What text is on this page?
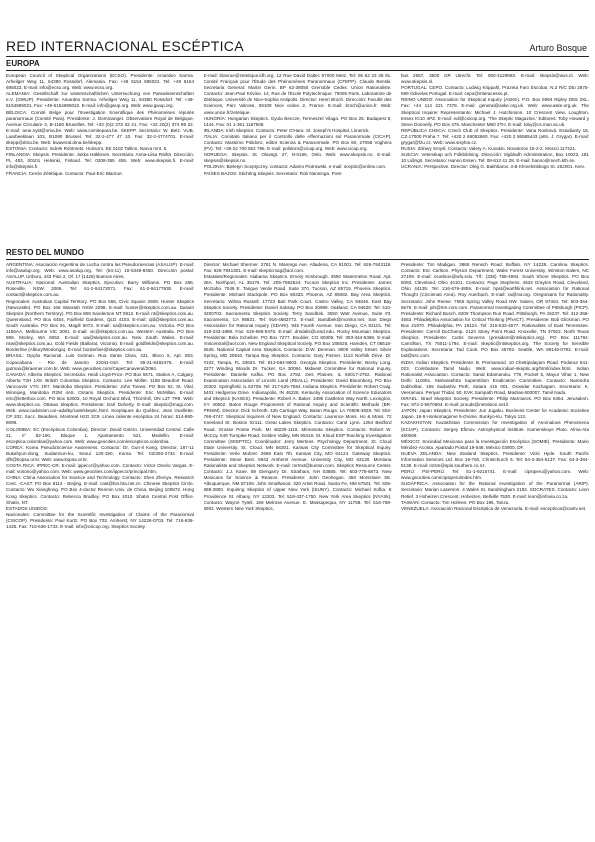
RED INTERNACIONAL ESCÉPTICA	Arturo Bosque
EUROPA

European Council of Skeptical Organizations (ECSO). Presidente: Amardeo Sarma. Arheilger Weg 11, 64380 Rossdorf, Alemania. Fax: +49 6154 695022. Tel: +49 6154 695023. E-mail: info@ecso.org. Web: www.ecso.org.

ALEMANIA: Gesellschaft zur wissenschaftlichen Untersuchung von Parawissenschaften e.V. (GWUP). Presidente: Amardeo Sarma. Arheilger Weg 11, 64380 Rossdorf. Tel: +49-6154695021. Fax: +49-6154695022. E-mail: info@gwup.org. Web: www.gwup.org.

BÉLGICA: Comité Belge pour l'Investigation Scientifique des Phénomènes réputés paranormaux (Comité Para). Presidente: J. Dommanget. Observatoire Royal de Belgique, Avenue Circulaire 3, B-1180 Bruxelles. Tel: +32 (0)2 373 02 41. Fax: +32 20(2) 374 98 22. E-mail: ame.nyst@oma.be. Web: www.comitepara.be. SKEPP. Secretario: W. Betz. VUB, Laarbeeklaan 103, B1090 Brussel. Tel: 32-2-477 47 10. Fax: 32-2-4774701. E-mail: skepp@dma.be. Web: bwaveral.dma.be/skepp.

ESTONIA: Contacto: Indrek Rohtmets. Horisont, EE 0102 Tallinn, Narva mnt. 5.

FINLANDIA: Skepsis. Presidente: Jukka Häkkinen. Secretaria: Anna-Liisa Räihä. Dirección: PL 483, 00101 Helsinki, Finland. Tel: 0208-355 455. Web: www.skepsis.fi. E-mail: info@skepsis.fi.

FRANCIA: Cercle Zététique. Contacto: Paul-Eric Blanrue.

E-mail: blanrue@zetetique.ldh.org. 12 Rue David Daltec 57000 Metz. Tel: 06 62 23 38 91. Comité Français pour l'Étude des Phénomènes Paranormaux (CFEPP). Claude Benski. Secretaria General: Martin Gerin. BP 62-38050 Grenoble Cedex. Union Rationaliste. Contacto: Jean-Paul Krivine. 14, Rue de l'Ecole Polytechnique. 75005 Paris. Laboratoire de Zététique. Université de Nice-Sophia Antipolis. Director: Henri Broch. Dirección: Faculté des Sciences, Parc Valrose, 06108 Nice cedex 2, France. E-mail: broch@unice.fr. Web: www.unice.fr/zetetique.

HUNGRÍA: Hungarian Skeptics. Gyula Bencze, Termeszet Vilaga. PO Box 25. Budapest 8, 1444. Fax: 01 1-361 1187506.

IRLANDA: Irish Skeptics. Contacto: Peter O'Hara. St. Joseph's Hospital, Limerick.

ITALIA: Comitato Italiano per il Controllo delle Affermazioni sul Paranormale (CICAP). Contacto: Massimo Polidoro, editor Scienza & Paranormale. PO Box 60, 27058 Voghera (PV). Tel: +39 02 700 552 795. E-mail: polidoro@cicap.org. Web: www.cicap.org.

NORUEGA: Skepsis. St. Olavsgt. 27, N-0166, Oslo. Web: www.skepsis.no. E-mail: skepsis@skepsis.no.

POLONIA: Bieletyn Sceptyczny. contacto: Adamo Piotrowski. e-mail: sceptic@online.com.

PAÍSES BAJOS: Stichting Skepsis. Secretario: Rob Nanninga. Post-

bus 2657, 3500 GR Utrecht. Tel: 050-3129893. E-mail: skepsis@wxs.nl. Web: www.skepsis.nl.

PORTUGAL: CEPO. Contacto: Ludwig Krippahl, Prazeta Faro Escobar, N.2 R/C Dto 2675-599 Odivelas Portugal. E-mail: cepo@interacesso.pt.

REINO UNIDO: Association for Skeptical Inquiry (ASKE). P.O. Box 5994 Ripley DE5 3XL. Fax: +44 114 221 7378. E-mail: general@aske.org.uk. Web: www.aske.org.uk. The Skeptical Inquirer Representante: Michael J. Hutchinson. 10 Crescent View, Loughton, Essex IG10 4PZ. E-mail: edi@csicop.org. 'The Skeptic Magazine.' Editores: Toby Howard y Steve Donnelly. PO Box 475. Manchester M60 2TH. E-mail: toby@cs.man.ac.uk.

REPÚBLICA CHECA: Czech Club of Skeptics. Presidente: Vana Nosková. Estudianty 18, CZ-17000 Praha 7. Tel: +420 2 66052660. Fax: +420 2 86585443 (attn. J. Grygar). E-mail: grygar@fzu.cz. Web: www.sisyfos.cz.

RUSIA: Zdravy Smysl. Contacto: Valery A. Kuvakin. Novatorov 18-2-2. Moscú 117421.

SUECIA: Vetenskap och Folkbildning. Dirección: Sigbladh Administration, Box 10022, 181 10 Lidingö. Secretario: Hanno Essen. Tel: 08-612 41 28. E-mail: hanno@mech.kth.se.

UCRANIA: Perspective. Director: Oleg G. Bakhtiarov. 3-B Khmelnitskogo St. 252001. Kiev.

RESTO DEL MUNDO

ARGENTINA: Asociación Argentina de Lucha contra las Pseudociencias (ASALUP). E-mail: info@asalup.org. Web: www.asalup.org. Tel: (54-11) 15-5349-8450. Dirección postal: ASALUP, Uriburu, 443 Piso 2, Of. 17 (1428) Buenos Aires.

AUSTRALIA: Nacional: Australian Skeptics. Ejecutivo: Barry Williams. PO Box 268, Roseville, NSW 2069. Tel: 61-2-94172071. Fax: 61-2-94177930. E-mail: contact@skeptics.com.au.

Regionales: Australian Capital Territory. PO Box 555, Civic Square 2608. Hunter Skeptics (Newcastle). PO Box 166 Waratah NSW 2298. E-mail: hunter@skeptics.com.au. Darwin Skeptics (Northern Territory). PO Box 809 Sanderson NT 0812. E-mail: nt@skeptics.com.au. Queensland. PO Box 6454, Fairfield Gardens, QLD 4103. E-mail: qld@skeptics.com.au. South Australia. PO Box 91, Magill 5072. E-mail: sa@skeptics.com.au. Victoria. PO Box 1166AA, Melbourne VIC 3001. E-mail: vic@skeptics.com.au. Western Australia. PO Box 899, Morley, WA 6062. E-mail: wa@skeptics.com.au. New South Wales. E-mail: nsw@skeptics.com.au. Gold Fields (Ballarat, Victoria). E-mail: goldfields@skeptics.com.au. Borderline (Albury/Wodonga). E-mail: borderline@skeptics.com.au.

BRASIL: Opção Racional. Luis Gutman. Rua Santa Clara, 431. Bloco 5, Apt. 803. Copacabana - Rio de Janeiro 22041-010. Tel: 55-21-5482476. E-mail: gutman@kraemer.com.br. Web: www.geocities.com/CapeCanaveral/2064.

CANADÁ: Alberta Skeptics. Secretaria: Heidi Lloyd-Price. PO Box 5571, Station A, Calgary, Alberta T2H 1X9. British Columbia Skeptics. Contacto: Lee Moller. 1188 Beaufort Road. Vancouver V7G 1R7. Manitoba Skeptics. Presidente: John Toews. PO Box 92, St. Vital, Winnipeg, Manitoba R2M 4A5. Ontario Skeptics. Presidente: Eric McMillan. E-mail: eric@letterbox.com. PO Box 53003, 10 Royal Orchard Blvd, Thornhill, ON L3T 7R9. Web: www.skeptics.ca. Ottawa Skeptics. Presidente: Earl Doherty. E-mail: skeptic@magi.com. Web: www.cadvision.ca/~adalby/cats/skeptic.html. Sceptiques du Québec. Jean Ouellette. CP 202, Succ. Beaubien, Montreal H2G 3C9. Línea caliente escéptica 24 horas: 514-990-8099.

COLOMBIA: EC (Escépticos Colombia). Director: David Golero. Universidad Central. Calle 21, n° 82-190, Bloque 1, Apartamento 521. Medellín. E-mail: esceptica.colombia@yahoo.com. Web: www.geocities.com/escepticos.colombia.

COREA: Korea PseudoScience Awareness. Contacto: Dr. Gun-Il Kang, Director, 187-11 Bukahyun-dong, Sudaemun-ku, Seoul 120-190, Korea. Tel: 02/393-2734 E-mail: dlh@kopsa.or.kr. Web: www.kopsa.or.kr.

COSTA RICA: IPPEC-CR. E-mail: ippeccr@yahoo.com. Contacto: Victor Osorio Vargas. E-mail: vosorio@yahoo.com. Web: www.geocities.com/ippeccr/principal.htm.

CHINA: China Association for Science and Technology. Contacto: Shen Zhenyu. Research Cent. -CAST. PO Box 8113 - Beijing. E-mail: cast@bin.bta.net.cn. Chinese Skeptics Circle. Contacto: Wu Xianghong. PO Box 4-doctor Renmin Univ. de China, Beijing 100872. Hong Kong Skeptics. Contacto: Rebecca Bradley. PO Box 1010. Shatin Central Post Office. Shatin, NT.

ESTADOS UNIDOS:

Nacionales: Committee for the Scientific Investigation of Claims of the Paranormal (CSICOP). Presidente: Paul Kurtz. PO Box 703. Amherst, NY 14226-0703. Tel: 716-636-1425. Fax: 716-636-1733. E-mail: info@csicop.org. Skeptics Society.

Director: Michael Shermer. 2761 N. Marengo Ave. Altadena, CA 91001. Tel: 626-7943119. Fax: 626-7941301. E-mail: skepticmag@aol.com.

Estatales/Regionales: Alabama Skeptics. Emory Kimbrough. 3550 Watermelon Road, Apt. 28A. Northport, AL 35476. Tel: 205-7592624. Tucson Skeptics Inc. Presidente: James McGaha. 7049 E. Tangue Verde Road. Suite 370, Tucson, AZ 85715. Phoenix Skeptics. Presidente: Michael Stackpole. PO Box 60333. Phoenix, AZ 85082. Bay Area Skeptics. Secretario: Wilma Russell. 17723 Buti Park Court. Castro Valley, CA 94546. East Bay Skeptics Society. Presidente: Daniel Sabsay. PO Box 20989. Oakland, CA 94620. Tel: 510-4200702. Sacramento Skeptics Society. Terry Sandbek. 3550 Watt Avenue, Suite #3. Sacramento, CA 95821. Tel: 916-4883772. E-mail: tsandbek@monitor.net. San Diego Association for Rational Inquiry (SDARI). 945 Fourth Avenue. San Diego, CA 92101. Tel: 619-233-1888. Fax: 619-696-9476. E-mail: drsdalis@ucsd.edu. Rocky Mountain Skeptics. Presidente: Bela Scheiber. PO Box 7277. Boulder, CO 80306. Tel: 303-444-5368. E-mail: rmscentral@aol.com. New England Skeptical Society. PO Box 185526, Hamden, CT 06518-5526. National Capital Area Skeptics. Contacto: D.W. Denman. 8006 Valley Street. Silver Spring, MD 20910. Tampa Bay Skeptics. Contacto: Gary Posner. 1113 Norfolk Drive. Dr. #102, Tampa, FL 33634. Tel: 813-584-9603. Georgia Skeptics. Presidente: Becky Long. 2277 Winding Woods Dr. Tucker, GA 30084. Midwest Committee for Rational Inquiry. Presidente: Danielle Kafka. PO Box 2792. Des Plaines, IL 60017-2792. Rational Examination Association of Lincoln Land (REALL). Presidente: David Bloomberg. PO Box 20302. Springfield, IL 62708. Tel: 217-525-7554. Indiana Skeptics. Presidente: Robert Craig. 5401 Hedgerow Drive. Indianapolis, IN 46226. Kentucky Association of Science Educators and Skeptics (KASES). Presidente: Robert A. Baker. 3495 Castleton Way North. Lexington, KY 40502. Baton Rouge Proponents of Rational Inquiry and Scientific Methods (BR-PRISM). Director: Dick Schroth. 425 Carriage Way. Baton Rouge, LA 70808-4828. Tel: 504-766-4747. Skeptical Inquirers of New England. Contacto: Laurence Moss. Ho & Moss. 72 Kneeland St. Boston 02111. Great Lakes Skeptics. Contacto: Carol Lynn. 1264 Bedford Road. Grosse Pointe Park. MI 48230-1116. Minnesota Skeptics. Contacto: Robert W. McCoy. 549 Turnpike Road. Golden Valley, MN 55416. St. Kloud ESP Teaching Investigation Committee (SKEPTIC). Coordinador: Jerry Mertens. Psychology Department, St. Cloud State University. St. Cloud, MN 56301. Kansas City Committee for Skeptical Inquiry. Presidente: Verle Muhrer. 2658 East 7th. Kansas City, MO 64124. Gateway Skeptics. Presidente: Steve Best. 6943 Amherst Avenue. University City, MO 63130. Montana Rationalists and Skeptics Network. E-mail: mrtnst@bunton.com. Skeptics Resource Center. Contacto: J.J. Kane. 89 Glengarry Dr. Stratham, NH 03885. Tel: 603-778-6873. New Mexicans for Science & Reason. Presidente: John Geohegan. 450 Montclaire SE. Albuquerque, NM 87108. John Smallwood. 320 Artist Road. Santa Fe, NM 87501. Tel: 505-988-2800. Inquiring Skeptics of Upper New York (ISUNY). Contacto: Michael Sofka. 8 Providence St. Albany, NY 12203. Tel: 518-437-1750. New York Area Skeptics (NYASk). Contacto: Wayne Tytell. 159 Melrose Avenue. E. Massapequa, NY 11758. Tel: 516-798-6902. Western New York Skeptics.

Presidente: Tim Madigan. 3965 Rensch Road. Buffalo, NY 14228. Carolina Skeptics. Contacto: Eric Carlson. Physics Department, Wake Forest University, Winston-Salem, NC 27109. E-mail: ecarlson@wfu.edu. Tlf.: (336) 758-4994. South Shore Skeptics. PO Box 5083. Cleveland, Ohio 44101. Contacto: Page Stephens. 4534 Grayton Road, Cleveland, Ohio 44135. Tel: 216-676-4859. E-mail: hpst@earthlink.net. Association for Rational Thought (Cincinnati Area). Roy Auerbach. E-mail: ra@rat.org. Oregonians for Rationality. Secretario: John Reese. 7555 Spring Valley Road NW. Salem, OR 97304. Tel: 503-364-6676. E-mail: joh@rtm.com.com. Paranormal Investigating Committee of Pittsburgh (PICP). Presidente: Richard Busch. 8209 Thompson Run Road. Pittsburgh, PA 15237. Tel: 412-366-4663. Philadelphia Association for Critical Thinking (PhACT). Presidente: Bob Glickman. PO Box 21970. Philadelphia, PA 19124. Tel: 215-533-4677. Rationalists of East Tennessee. Presidente: Carroll DuChamp. 2123 Stony Point Road. Knoxville, TN 37922. North Texas Skeptics. Presidente: Curtis Severns (president@ntskeptics.org). PO Box 111794. Carrollton, TX 75011-1794. E-mail: skeptic@ntskeptics.org. The Society for Sensible Explanations. Secretaria: Tad Cook. PO Box 45792. Seattle, WA 98145-0792. E-mail: tad@ssc.com.

INDIA: Indian Skeptics. Presidente: B. Premanand. 10 Chettipalayam Road. Podanur 641-023. Coimbatore Tamil Nadu. Web: www.indian-skeptic.org/html/index.html. Indian Rationalist Association. Contacto: Sanal Edamaruku. 779, Pocket 5, Mayur Vihar 1, New Delhi 110091. Maharashtra Superstition Eradication Committee. Contacto: Narendra Dabholkar, 155 Sadashiv Peth, Satara 415 001. Dravidar Kazhagam. Secretario: K. Veeramani. Periyar Thidal, 50, EVK Sampath Road, Madras-600007. Tamil Nadu.

ISRAEL: Israel Skeptics Society. Presidente: Philip Marmaros. PO Box 8454. Jerusalem. Fax: 972-2-5670694. E-mail: prouds@netvision.net.il.

JAPÓN: Japan Skeptics. Presidente: Jun Jugaku. Business Center for Academic Societies Japan. 16-9 Honkomagome 5-chome. Bunkyo-Ku. Tokyo 113.

KAZAKHSTAN: Kazakhstan Commission for Investigation of Anomalous Phenomena (KCIAP). Contacto: Sergey Efimov. Astrophysical Institute. Kamenskoye Plato. Alma-Ata 480068.

MÉXICO: Sociedad Mexicana para la Investigación Escéptica (SOMIE). Presidente: Mario Méndez-Acosta. Apartado Postal 19-546. México 03900, DF.

NUEVA ZELANDA: New Zealand Skeptics. Presidente: Vicki Hyde. South Pacific Information Services Ltd. Box 19-760, Christchurch 5. Tel: 64-3-384-5137. Fax: 64-3-384-5138. E-mail: nzsm@spis.southern.co.nz.

PERÚ: PSI-PERÚ. Tel: 51-1-9215741. E-mail: cipsiperu@yahoo.com. Web: www.geocities.com/cipsiperu/index.htm.

SUDÁFRICA: Association for the Rational Investigation of the Paranormal (ARIP). Secretario: Marian Laserson. 4 Wales St. Sandringham 2192. SOCRATES. Contacto: Leon Retief. 3 Hoheizen Crescent, Hoheizen, Bellville 7530. E-mail: leon@infovia.co.za.

TAIWÁN: Contacto: Tim Holmes. PO Box 195, Tanzu.

VENEZUELA: Asociación Racional Escéptica de Venezuela. E-mail: escepticos@cantv.net.
